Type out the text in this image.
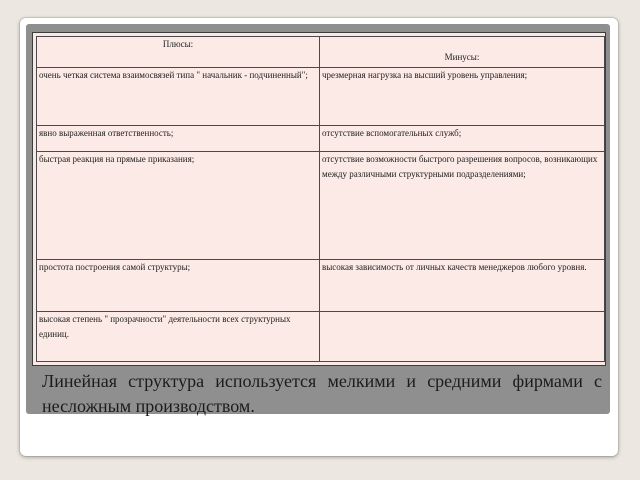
Плюсы:	Минусы:
очень четкая система взаимосвязей типа " начальник - подчиненный";	чрезмерная нагрузка на высший уровень управления;
явно выраженная ответственность;	отсутствие вспомогательных служб;
быстрая реакция на прямые приказания;	отсутствие возможности быстрого разрешения вопросов, возникающих между различными структурными подразделениями;
простота построения самой структуры;	высокая зависимость от личных качеств менеджеров любого уровня.
высокая степень " прозрачности" деятельности всех структурных единиц.	
Линейная структура используется мелкими и средними фирмами с несложным производством.
